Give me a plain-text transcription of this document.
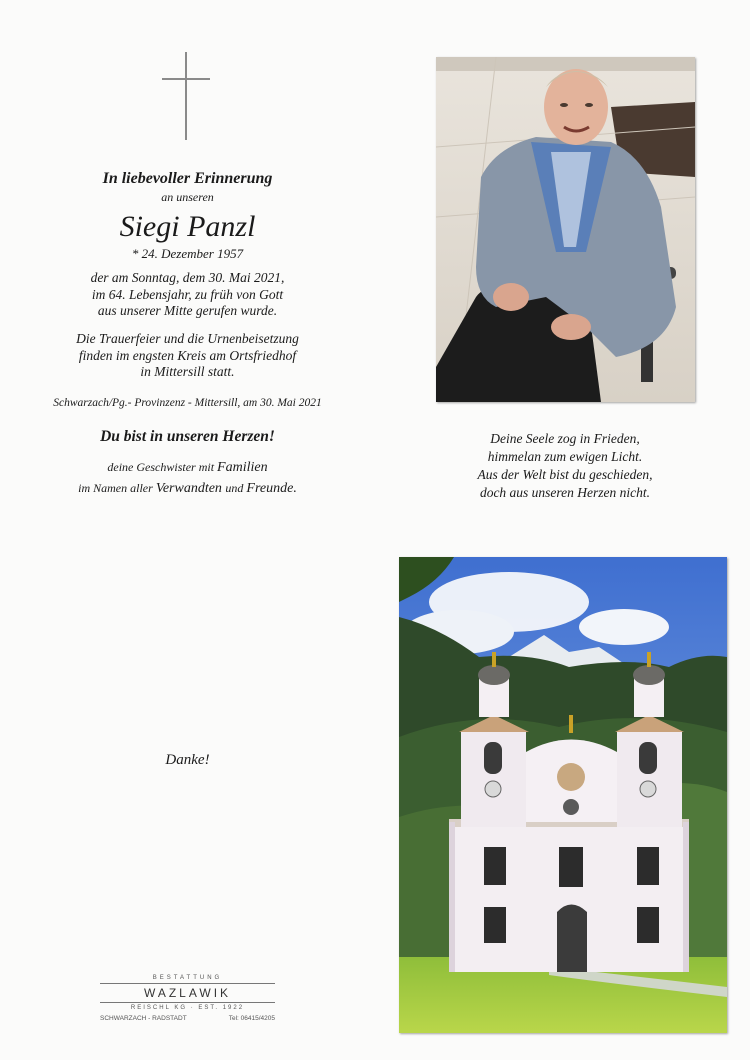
In liebevoller Erinnerung
an unseren
Siegi Panzl
* 24. Dezember 1957
der am Sonntag, dem 30. Mai 2021,
im 64. Lebensjahr, zu früh von Gott
aus unserer Mitte gerufen wurde.
Die Trauerfeier und die Urnenbeisetzung
finden im engsten Kreis am Ortsfriedhof
in Mittersill statt.
Schwarzach/Pg.- Provinzenz - Mittersill, am 30. Mai 2021
Du bist in unseren Herzen!
deine Geschwister mit Familien
im Namen aller Verwandten und Freunde.
Danke!
Deine Seele zog in Frieden,
himmelan zum ewigen Licht.
Aus der Welt bist du geschieden,
doch aus unseren Herzen nicht.
BESTATTUNG
WAZLAWIK
REISCHL KG · EST. 1922
SCHWARZACH - RADSTADT	Tel: 06415/4205
